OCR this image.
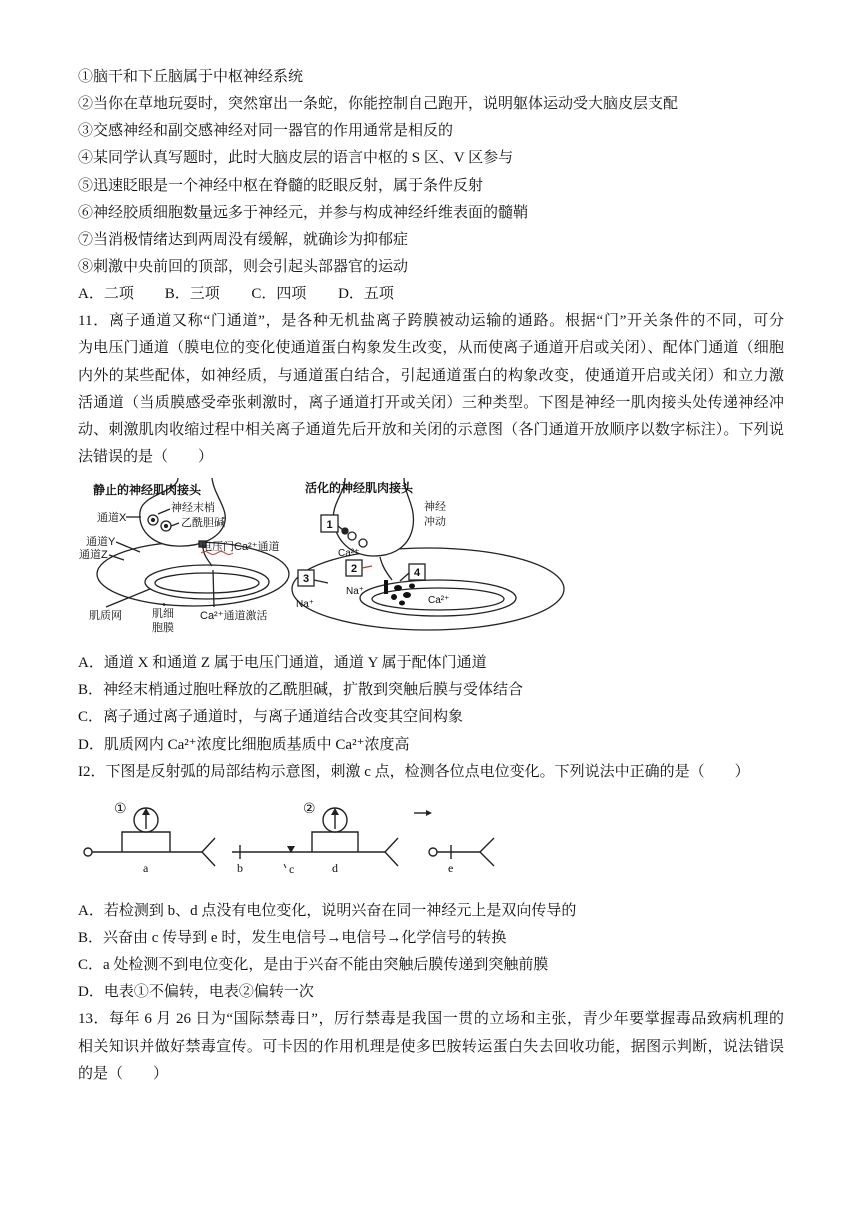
①脑干和下丘脑属于中枢神经系统
②当你在草地玩耍时，突然窜出一条蛇，你能控制自己跑开，说明躯体运动受大脑皮层支配
③交感神经和副交感神经对同一器官的作用通常是相反的
④某同学认真写题时，此时大脑皮层的语言中枢的 S 区、V 区参与
⑤迅速眨眼是一个神经中枢在脊髓的眨眼反射，属于条件反射
⑥神经胶质细胞数量远多于神经元，并参与构成神经纤维表面的髓鞘
⑦当消极情绪达到两周没有缓解，就确诊为抑郁症
⑧刺激中央前回的顶部，则会引起头部器官的运动
A．二项 B．三项 C．四项 D．五项
11．离子通道又称“门通道”，是各种无机盐离子跨膜被动运输的通路。根据“门”开关条件的不同，可分
为电压门通道（膜电位的变化使通道蛋白构象发生改变，从而使离子通道开启或关闭）、配体门通道（细胞
内外的某些配体，如神经质，与通道蛋白结合，引起通道蛋白的构象改变，使通道开启或关闭）和立力激
活通道（当质膜感受牵张刺激时，离子通道打开或关闭）三种类型。下图是神经一肌肉接头处传递神经冲
动、刺激肌肉收缩过程中相关离子通道先后开放和关闭的示意图（各门通道开放顺序以数字标注）。下列说
法错误的是（　　）
静止的神经肌肉接头
通道X
神经末梢
乙酰胆碱
通道Y
通道Z
电压门Ca²⁺通道
肌质网	肌细
胞膜
Ca²⁺通道激活
活化的神经肌肉接头
神经
冲动
1
2
3	4
Ca²⁺
Na⁺
Na⁺	Ca²⁺
A．通道 X 和通道 Z 属于电压门通道，通道 Y 属于配体门通道
B．神经末梢通过胞吐释放的乙酰胆碱，扩散到突触后膜与受体结合
C．离子通过离子通道时，与离子通道结合改变其空间构象
D．肌质网内 Ca²⁺浓度比细胞质基质中 Ca²⁺浓度高
I2．下图是反射弧的局部结构示意图，刺激 c 点，检测各位点电位变化。下列说法中正确的是（　　）
①	②
a	b	c	d	e
A．若检测到 b、d 点没有电位变化，说明兴奋在同一神经元上是双向传导的
B．兴奋由 c 传导到 e 时，发生电信号→电信号→化学信号的转换
C．a 处检测不到电位变化，是由于兴奋不能由突触后膜传递到突触前膜
D．电表①不偏转，电表②偏转一次
13．每年 6 月 26 日为“国际禁毒日”，厉行禁毒是我国一贯的立场和主张，青少年要掌握毒品致病机理的
相关知识并做好禁毒宣传。可卡因的作用机理是使多巴胺转运蛋白失去回收功能，据图示判断，说法错误
的是（　　）
